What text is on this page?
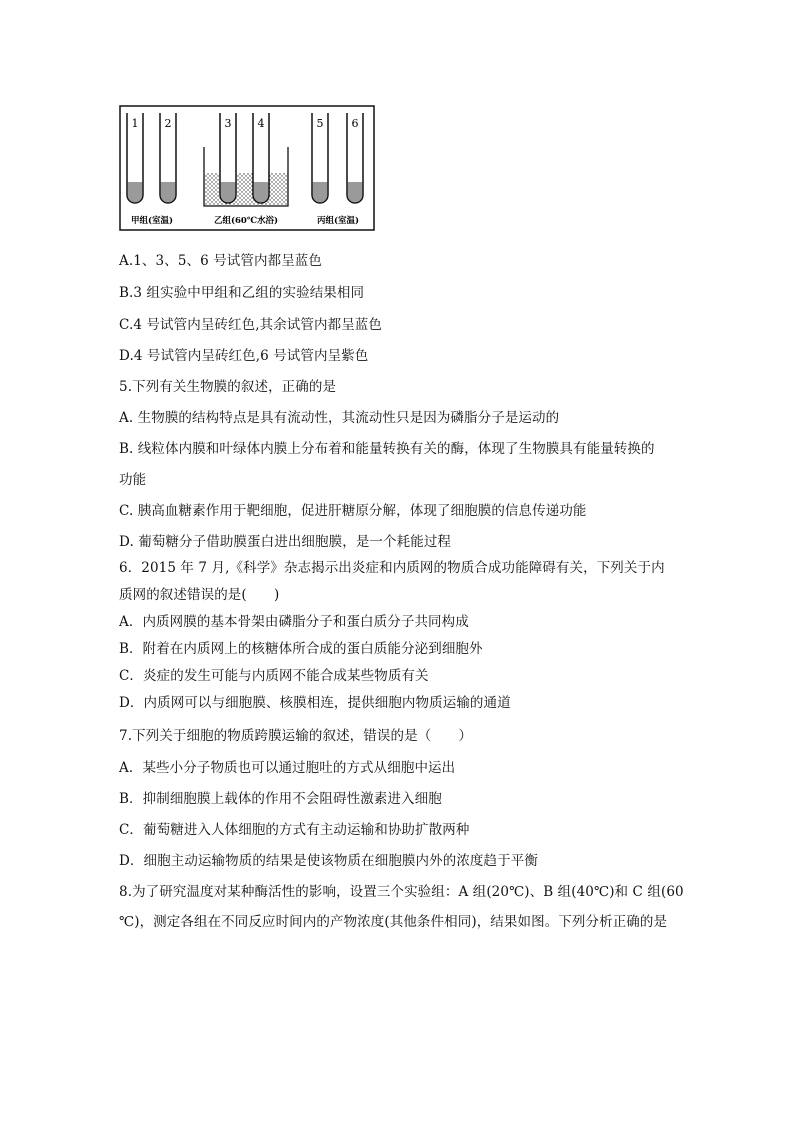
1 2	3 4	5	6
甲组(室温)	乙组(60℃水浴)	丙组(室温)
A.1、3、5、6 号试管内都呈蓝色
B.3 组实验中甲组和乙组的实验结果相同
C.4 号试管内呈砖红色,其余试管内都呈蓝色
D.4 号试管内呈砖红色,6 号试管内呈紫色
5.下列有关生物膜的叙述，正确的是
A. 生物膜的结构特点是具有流动性，其流动性只是因为磷脂分子是运动的
B. 线粒体内膜和叶绿体内膜上分布着和能量转换有关的酶，体现了生物膜具有能量转换的
功能
C. 胰高血糖素作用于靶细胞，促进肝糖原分解，体现了细胞膜的信息传递功能
D. 葡萄糖分子借助膜蛋白进出细胞膜，是一个耗能过程
6．2015 年 7 月,《科学》杂志揭示出炎症和内质网的物质合成功能障碍有关，下列关于内
质网的叙述错误的是(　　)
A．内质网膜的基本骨架由磷脂分子和蛋白质分子共同构成
B．附着在内质网上的核糖体所合成的蛋白质能分泌到细胞外
C．炎症的发生可能与内质网不能合成某些物质有关
D．内质网可以与细胞膜、核膜相连，提供细胞内物质运输的通道
7.下列关于细胞的物质跨膜运输的叙述，错误的是（　　）
A．某些小分子物质也可以通过胞吐的方式从细胞中运出
B．抑制细胞膜上载体的作用不会阻碍性激素进入细胞
C．葡萄糖进入人体细胞的方式有主动运输和协助扩散两种
D．细胞主动运输物质的结果是使该物质在细胞膜内外的浓度趋于平衡
8.为了研究温度对某种酶活性的影响，设置三个实验组：A 组(20℃)、B 组(40℃)和 C 组(60
℃)，测定各组在不同反应时间内的产物浓度(其他条件相同)，结果如图。下列分析正确的是
